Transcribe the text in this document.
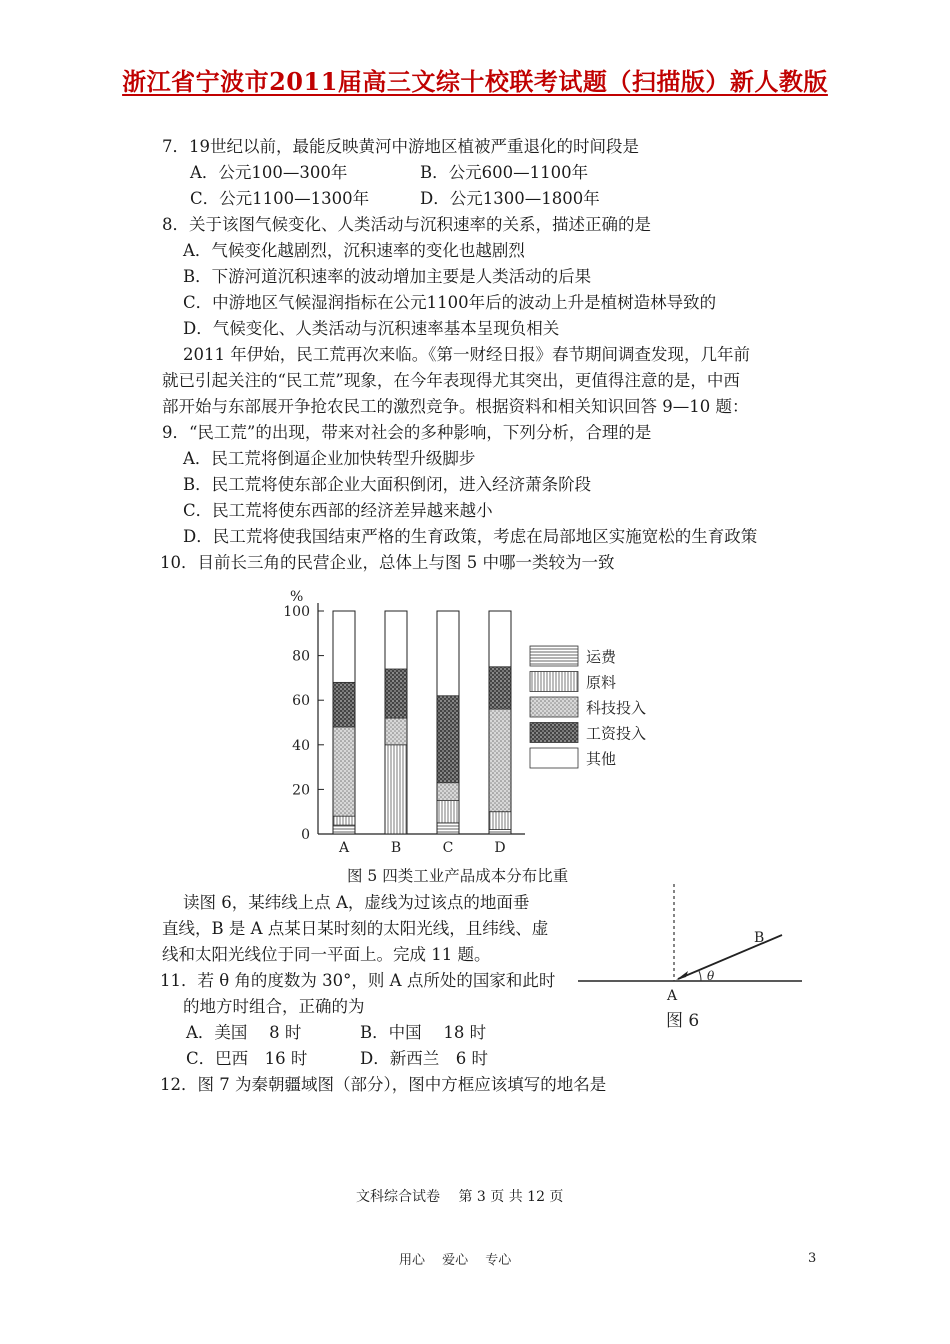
浙江省宁波市2011届高三文综十校联考试题（扫描版）新人教版
7．19世纪以前，最能反映黄河中游地区植被严重退化的时间段是
A．公元100—300年	B．公元600—1100年
C．公元1100—1300年	D．公元1300—1800年
8．关于该图气候变化、人类活动与沉积速率的关系，描述正确的是
A．气候变化越剧烈，沉积速率的变化也越剧烈
B．下游河道沉积速率的波动增加主要是人类活动的后果
C．中游地区气候湿润指标在公元1100年后的波动上升是植树造林导致的
D．气候变化、人类活动与沉积速率基本呈现负相关
2011 年伊始，民工荒再次来临。《第一财经日报》春节期间调查发现，几年前
就已引起关注的“民工荒”现象，在今年表现得尤其突出，更值得注意的是，中西
部开始与东部展开争抢农民工的激烈竞争。根据资料和相关知识回答 9—10 题：
9．“民工荒”的出现，带来对社会的多种影响，下列分析，合理的是
A．民工荒将倒逼企业加快转型升级脚步
B．民工荒将使东部企业大面积倒闭，进入经济萧条阶段
C．民工荒将使东西部的经济差异越来越小
D．民工荒将使我国结束严格的生育政策，考虑在局部地区实施宽松的生育政策
10．目前长三角的民营企业，总体上与图 5 中哪一类较为一致
%
0
20
40
60
80
100
A	B	C	D
运费
原料
科技投入
工资投入
其他
图 5 四类工业产品成本分布比重
读图 6，某纬线上点 A，虚线为过该点的地面垂
直线，B 是 A 点某日某时刻的太阳光线，且纬线、虚
线和太阳光线位于同一平面上。完成 11 题。
11．若 θ 角的度数为 30°，则 A 点所处的国家和此时
的地方时组合，正确的为
A．美国　 8 时	B．中国　 18 时
C．巴西　16 时	D．新西兰　6 时
B
A
θ
图 6
12．图 7 为秦朝疆域图（部分），图中方框应该填写的地名是
文科综合试卷　 第 3 页 共 12 页
用心　 爱心　 专心	3
